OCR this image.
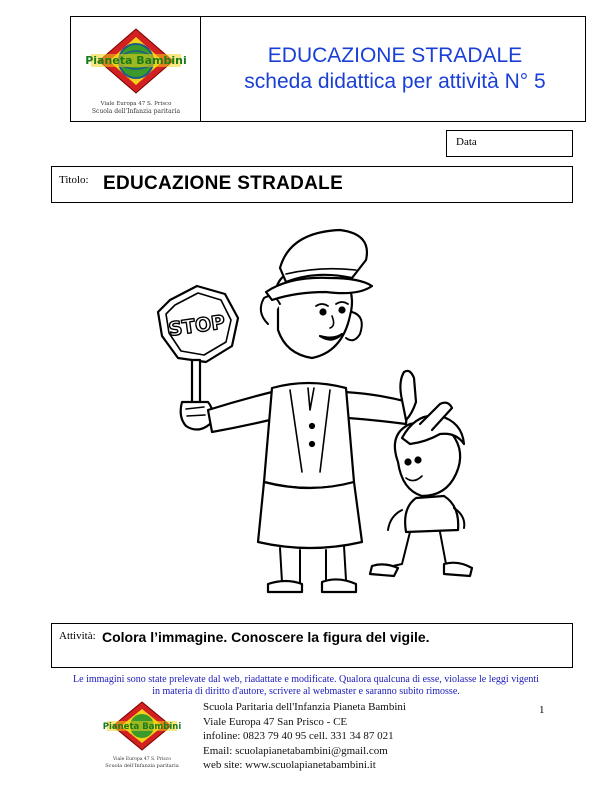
Pianeta Bambini
Viale Europa 47 S. Prisco
Scuola dell'Infanzia paritaria
EDUCAZIONE STRADALE
scheda didattica per attività N° 5
Data
Titolo: EDUCAZIONE STRADALE
STOP
Attività: Colora l’immagine. Conoscere la figura del vigile.
Le immagini sono state prelevate dal web, riadattate e modificate. Qualora qualcuna di esse, violasse le leggi vigenti
in materia di diritto d'autore, scrivere al webmaster e saranno subito rimosse.
Pianeta Bambini
Viale Europa 47 S. Prisco
Scuola dell'Infanzia paritaria
Scuola Paritaria dell'Infanzia Pianeta Bambini
Viale Europa 47 San Prisco - CE
infoline: 0823 79 40 95 cell. 331 34 87 021
Email: scuolapianetabambini@gmail.com
web site: www.scuolapianetabambini.it
1
